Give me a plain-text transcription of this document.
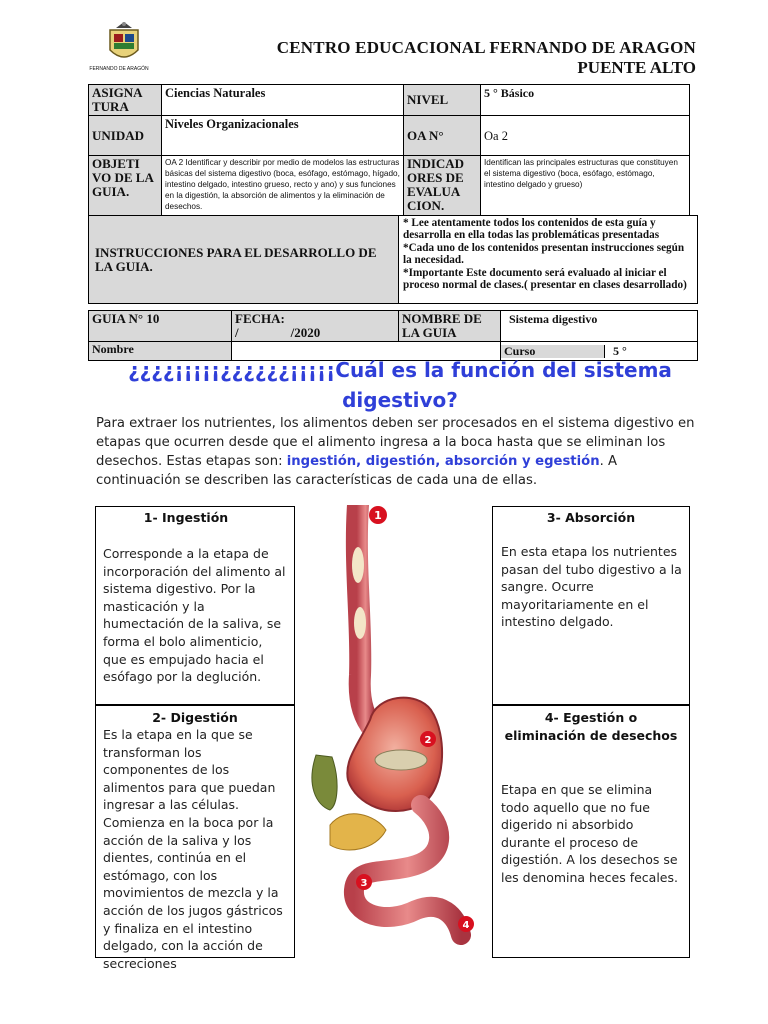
FERNANDO DE ARAGÓN
CENTRO EDUCACIONAL FERNANDO DE ARAGON
PUENTE ALTO
ASIGNA TURA	Ciencias Naturales	NIVEL	5 ° Básico
UNIDAD	Niveles Organizacionales	OA N°	Oa 2
OBJETI VO DE LA GUIA.	OA 2 Identificar y describir por medio de modelos las estructuras básicas del sistema digestivo (boca, esófago, estómago, hígado, intestino delgado, intestino grueso, recto y ano) y sus funciones en la digestión, la absorción de alimentos y la eliminación de desechos.	INDICAD ORES DE EVALUA CION.	Identifican las principales estructuras que constituyen el sistema digestivo (boca, esófago, estómago, intestino delgado y grueso)
INSTRUCCIONES PARA EL DESARROLLO DE LA GUIA.	
* Lee atentamente todos los contenidos de esta guía y desarrolla en ella todas las problemáticas presentadas
*Cada uno de los contenidos presentan instrucciones según la necesidad.
*Importante Este documento será evaluado al iniciar el proceso normal de clases.( presentar en clases desarrollado)
GUIA N° 10	FECHA:
/                /2020	NOMBRE DE LA GUIA	Sistema digestivo
Nombre			Curso 5 °
¿¿¿¿¡¡¡¡¡¿¿¿¿¿¿¡¡¡¡¡Cuál es la función del sistema
digestivo?
Para extraer los nutrientes, los alimentos deben ser procesados en el sistema digestivo en etapas que ocurren desde que el alimento ingresa a la boca hasta que se eliminan los desechos. Estas etapas son: ingestión, digestión, absorción y egestión. A continuación se describen las características de cada una de ellas.
1- Ingestión
Corresponde a la etapa de incorporación del alimento al sistema digestivo. Por la masticación y la humectación de la saliva, se forma el bolo alimenticio, que es empujado hacia el esófago por la deglución.
2- Digestión
Es la etapa en la que se transforman los componentes de los alimentos para que puedan ingresar a las células. Comienza en la boca por la acción de la saliva y los dientes, continúa en el estómago, con los movimientos de mezcla y la acción de los jugos gástricos y finaliza en el intestino delgado, con la acción de secreciones
3- Absorción
En esta etapa los nutrientes pasan del tubo digestivo a la sangre. Ocurre mayoritariamente en el intestino delgado.
4- Egestión o
eliminación de desechos
Etapa en que se elimina todo aquello que no fue digerido ni absorbido durante el proceso de digestión. A los desechos se les denomina heces fecales.
1
2
3
4
